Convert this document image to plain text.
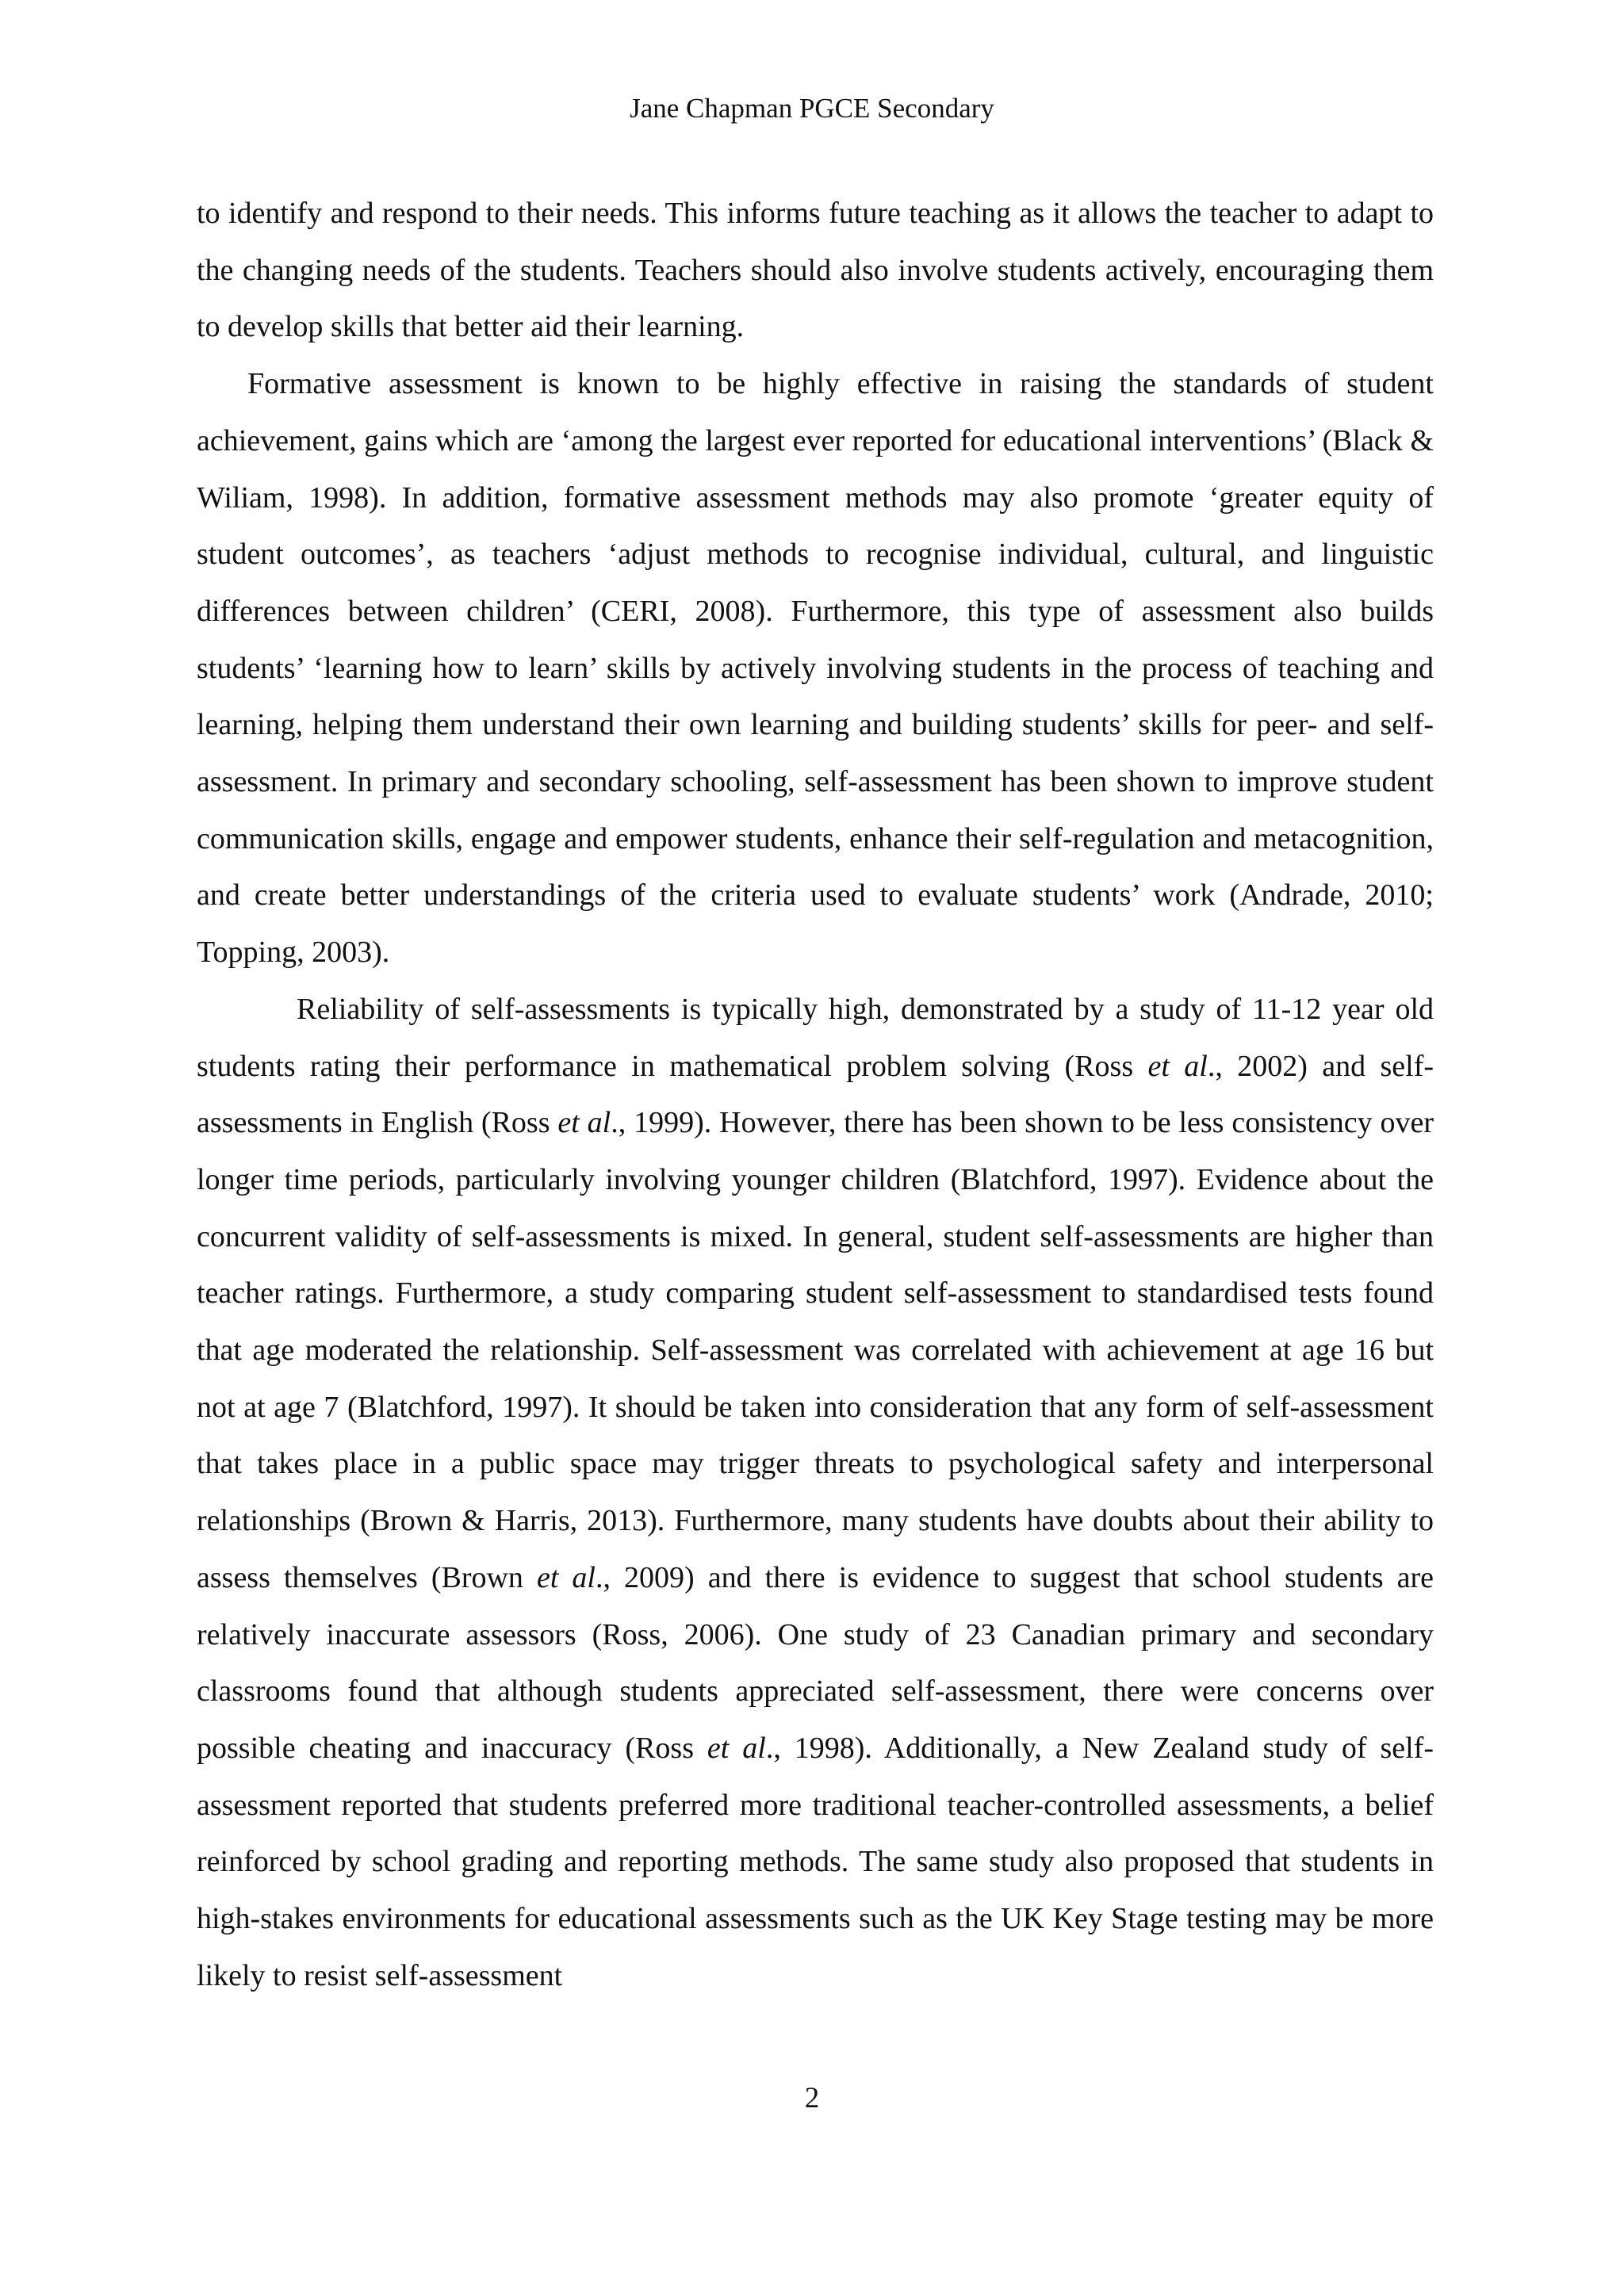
Jane Chapman PGCE Secondary

to identify and respond to their needs. This informs future teaching as it allows the teacher to adapt to the changing needs of the students. Teachers should also involve students actively, encouraging them to develop skills that better aid their learning.

Formative assessment is known to be highly effective in raising the standards of student achievement, gains which are ‘among the largest ever reported for educational interventions’ (Black & Wiliam, 1998). In addition, formative assessment methods may also promote ‘greater equity of student outcomes’, as teachers ‘adjust methods to recognise individual, cultural, and linguistic differences between children’ (CERI, 2008). Furthermore, this type of assessment also builds students’ ‘learning how to learn’ skills by actively involving students in the process of teaching and learning, helping them understand their own learning and building students’ skills for peer- and self-assessment. In primary and secondary schooling, self-assessment has been shown to improve student communication skills, engage and empower students, enhance their self-regulation and metacognition, and create better understandings of the criteria used to evaluate students’ work (Andrade, 2010; Topping, 2003).

Reliability of self-assessments is typically high, demonstrated by a study of 11-12 year old students rating their performance in mathematical problem solving (Ross et al., 2002) and self-assessments in English (Ross et al., 1999). However, there has been shown to be less consistency over longer time periods, particularly involving younger children (Blatchford, 1997). Evidence about the concurrent validity of self-assessments is mixed. In general, student self-assessments are higher than teacher ratings. Furthermore, a study comparing student self-assessment to standardised tests found that age moderated the relationship. Self-assessment was correlated with achievement at age 16 but not at age 7 (Blatchford, 1997). It should be taken into consideration that any form of self-assessment that takes place in a public space may trigger threats to psychological safety and interpersonal relationships (Brown & Harris, 2013). Furthermore, many students have doubts about their ability to assess themselves (Brown et al., 2009) and there is evidence to suggest that school students are relatively inaccurate assessors (Ross, 2006). One study of 23 Canadian primary and secondary classrooms found that although students appreciated self-assessment, there were concerns over possible cheating and inaccuracy (Ross et al., 1998). Additionally, a New Zealand study of self-assessment reported that students preferred more traditional teacher-controlled assessments, a belief reinforced by school grading and reporting methods. The same study also proposed that students in high-stakes environments for educational assessments such as the UK Key Stage testing may be more likely to resist self-assessment

2
